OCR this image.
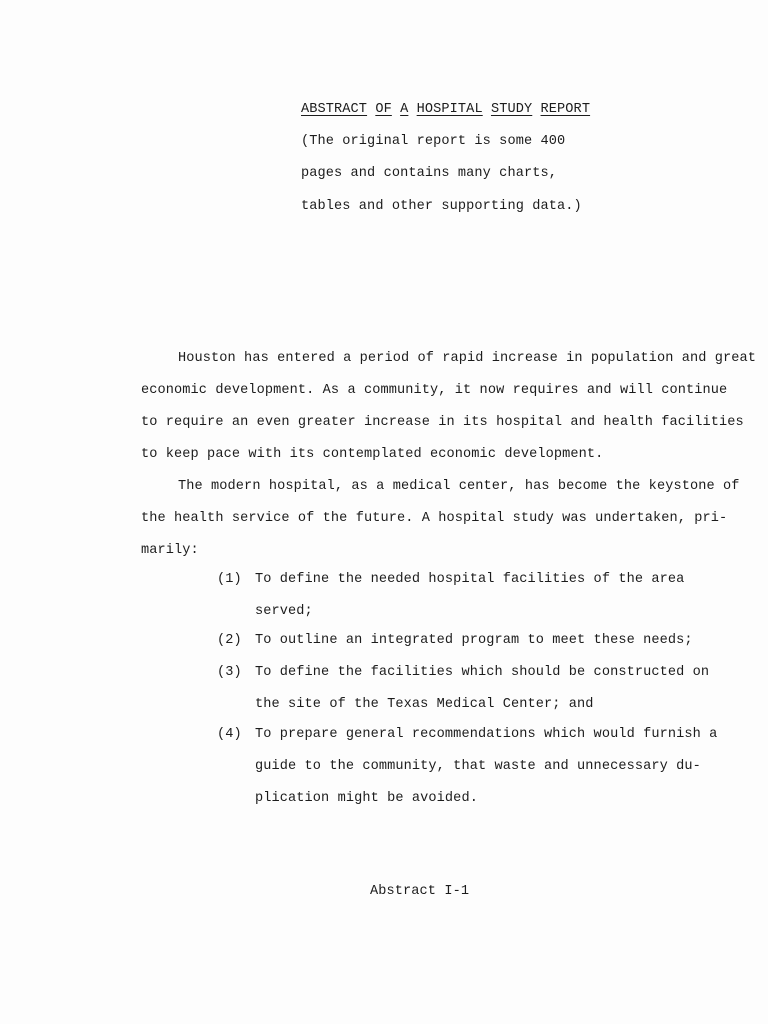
ABSTRACT OF A HOSPITAL STUDY REPORT
(The original report is some 400
pages and contains many charts,
tables and other supporting data.)
Houston has entered a period of rapid increase in population and great
economic development. As a community, it now requires and will continue
to require an even greater increase in its hospital and health facilities
to keep pace with its contemplated economic development.
The modern hospital, as a medical center, has become the keystone of
the health service of the future. A hospital study was undertaken, pri-
marily:
(1) To define the needed hospital facilities of the area
served;
(2) To outline an integrated program to meet these needs;
(3) To define the facilities which should be constructed on
the site of the Texas Medical Center; and
(4) To prepare general recommendations which would furnish a
guide to the community, that waste and unnecessary du-
plication might be avoided.
Abstract I-1
